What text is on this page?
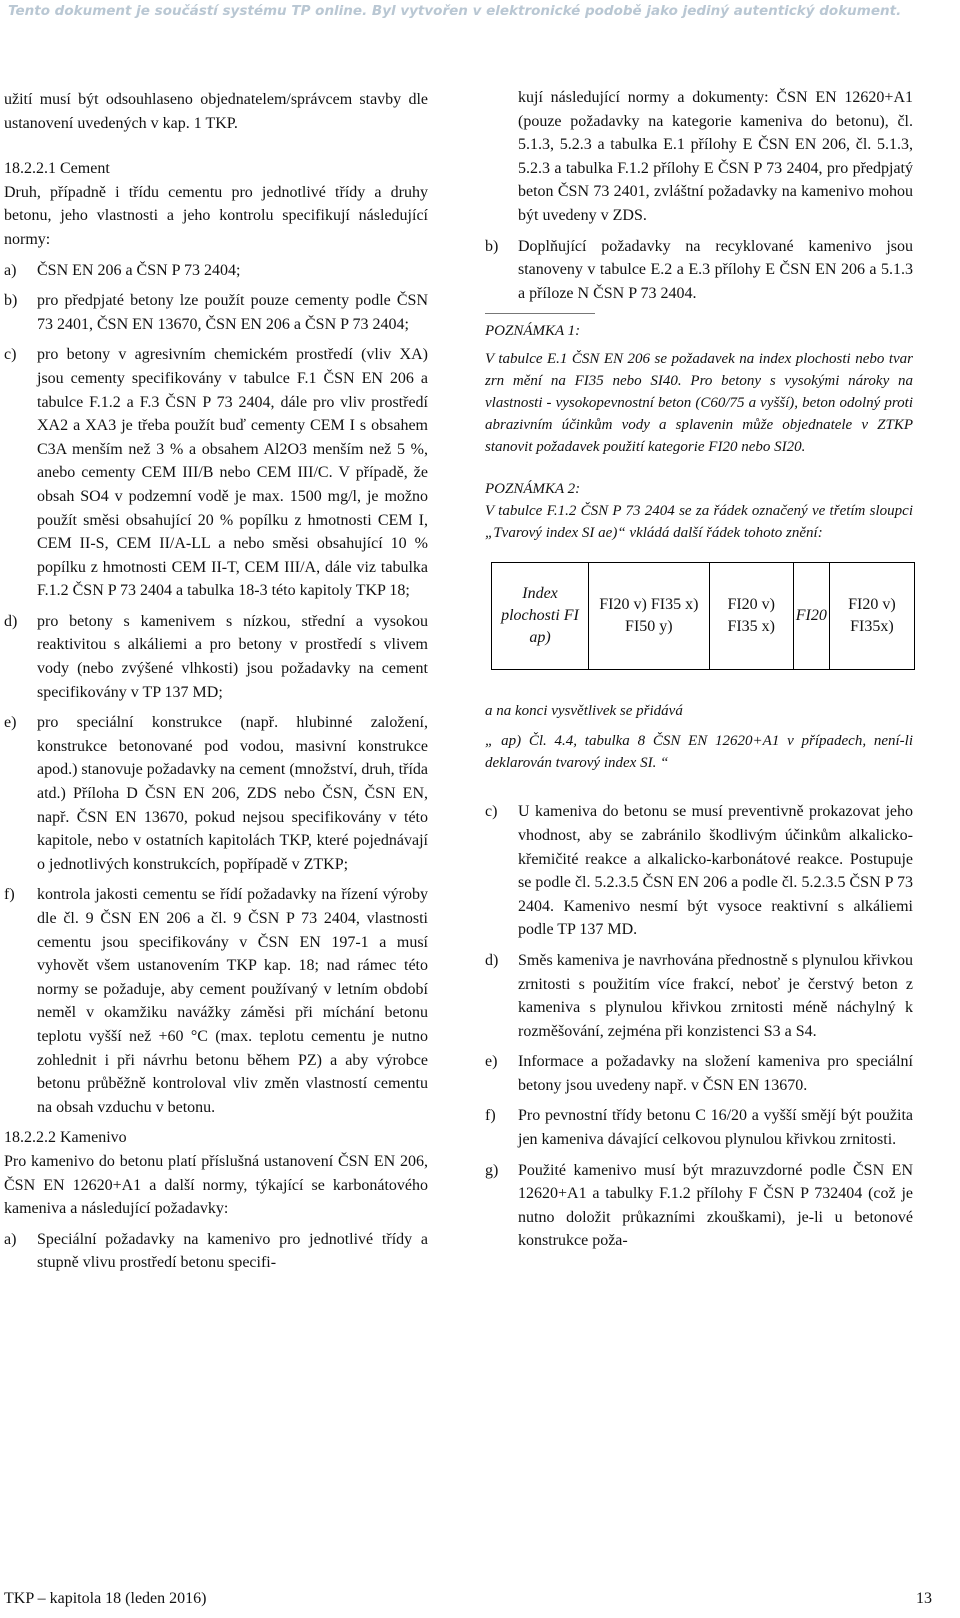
Tento dokument je součástí systému TP online. Byl vytvořen v elektronické podobě jako jediný autentický dokument.

užití musí být odsouhlaseno objednatelem/správcem stavby dle ustanovení uvedených v kap. 1 TKP.

18.2.2.1 Cement

Druh, případně i třídu cementu pro jednotlivé třídy a druhy betonu, jeho vlastnosti a jeho kontrolu specifikují následující normy:

a) ČSN EN 206 a ČSN P 73 2404;
b) pro předpjaté betony lze použít pouze cementy podle ČSN 73 2401, ČSN EN 13670, ČSN EN 206 a ČSN P 73 2404;
c) pro betony v agresivním chemickém prostředí (vliv XA) jsou cementy specifikovány v tabulce F.1 ČSN EN 206 a tabulce F.1.2 a F.3 ČSN P 73 2404, dále pro vliv prostředí XA2 a XA3 je třeba použít buď cementy CEM I s obsahem C3A menším než 3 % a obsahem Al2O3 menším než 5 %, anebo cementy CEM III/B nebo CEM III/C. V případě, že obsah SO4 v podzemní vodě je max. 1500 mg/l, je možno použít směsi obsahující 20 % popílku z hmotnosti CEM I, CEM II-S, CEM II/A-LL a nebo směsi obsahující 10 % popílku z hmotnosti CEM II-T, CEM III/A, dále viz tabulka F.1.2 ČSN P 73 2404 a tabulka 18-3 této kapitoly TKP 18;
d) pro betony s kamenivem s nízkou, střední a vysokou reaktivitou s alkáliemi a pro betony v prostředí s vlivem vody (nebo zvýšené vlhkosti) jsou požadavky na cement specifikovány v TP 137 MD;
e) pro speciální konstrukce (např. hlubinné založení, konstrukce betonované pod vodou, masivní konstrukce apod.) stanovuje požadavky na cement (množství, druh, třída atd.) Příloha D ČSN EN 206, ZDS nebo ČSN, ČSN EN, např. ČSN EN 13670, pokud nejsou specifikovány v této kapitole, nebo v ostatních kapitolách TKP, které pojednávají o jednotlivých konstrukcích, popřípadě v ZTKP;
f) kontrola jakosti cementu se řídí požadavky na řízení výroby dle čl. 9 ČSN EN 206 a čl. 9 ČSN P 73 2404, vlastnosti cementu jsou specifikovány v ČSN EN 197-1 a musí vyhovět všem ustanovením TKP kap. 18; nad rámec této normy se požaduje, aby cement používaný v letním období neměl v okamžiku navážky záměsi při míchání betonu teplotu vyšší než +60 °C (max. teplotu cementu je nutno zohlednit i při návrhu betonu během PZ) a aby výrobce betonu průběžně kontroloval vliv změn vlastností cementu na obsah vzduchu v betonu.

18.2.2.2 Kamenivo

Pro kamenivo do betonu platí příslušná ustanovení ČSN EN 206, ČSN EN 12620+A1 a další normy, týkající se karbonátového kameniva a následující požadavky:

a) Speciální požadavky na kamenivo pro jednotlivé třídy a stupně vlivu prostředí betonu specifi-

kují následující normy a dokumenty: ČSN EN 12620+A1 (pouze požadavky na kategorie kameniva do betonu), čl. 5.1.3, 5.2.3 a tabulka E.1 přílohy E ČSN EN 206, čl. 5.1.3, 5.2.3 a tabulka F.1.2 přílohy E ČSN P 73 2404, pro předpjatý beton ČSN 73 2401, zvláštní požadavky na kamenivo mohou být uvedeny v ZDS.

b) Doplňující požadavky na recyklované kamenivo jsou stanoveny v tabulce E.2 a E.3 přílohy E ČSN EN 206 a 5.1.3 a příloze N ČSN P 73 2404.

POZNÁMKA 1:

V tabulce E.1 ČSN EN 206 se požadavek na index plochosti nebo tvar zrn mění na FI35 nebo SI40. Pro betony s vysokými nároky na vlastnosti - vysokopevnostní beton (C60/75 a vyšší), beton odolný proti abrazivním účinkům vody a splavenin může objednatele v ZTKP stanovit požadavek použití kategorie FI20 nebo SI20.

POZNÁMKA 2:

V tabulce F.1.2 ČSN P 73 2404 se za řádek označený ve třetím sloupci „Tvarový index SI ae)“ vkládá další řádek tohoto znění:

Index plochosti FI ap)	FI20 v) FI35 x) FI50 y)	FI20 v) FI35 x)	FI20	FI20 v) FI35x)

a na konci vysvětlivek se přidává

„ ap) Čl. 4.4, tabulka 8 ČSN EN 12620+A1 v případech, není-li deklarován tvarový index SI. “

c) U kameniva do betonu se musí preventivně prokazovat jeho vhodnost, aby se zabránilo škodlivým účinkům alkalicko-křemičité reakce a alkalicko-karbonátové reakce. Postupuje se podle čl. 5.2.3.5 ČSN EN 206 a podle čl. 5.2.3.5 ČSN P 73 2404. Kamenivo nesmí být vysoce reaktivní s alkáliemi podle TP 137 MD.
d) Směs kameniva je navrhována přednostně s plynulou křivkou zrnitosti s použitím více frakcí, neboť je čerstvý beton z kameniva s plynulou křivkou zrnitosti méně náchylný k rozměšování, zejména při konzistenci S3 a S4.
e) Informace a požadavky na složení kameniva pro speciální betony jsou uvedeny např. v ČSN EN 13670.
f) Pro pevnostní třídy betonu C 16/20 a vyšší smějí být použita jen kameniva dávající celkovou plynulou křivkou zrnitosti.
g) Použité kamenivo musí být mrazuvzdorné podle ČSN EN 12620+A1 a tabulky F.1.2 přílohy F ČSN P 732404 (což je nutno doložit průkazními zkouškami), je-li u betonové konstrukce poža-
TKP – kapitola 18 (leden 2016)	13
